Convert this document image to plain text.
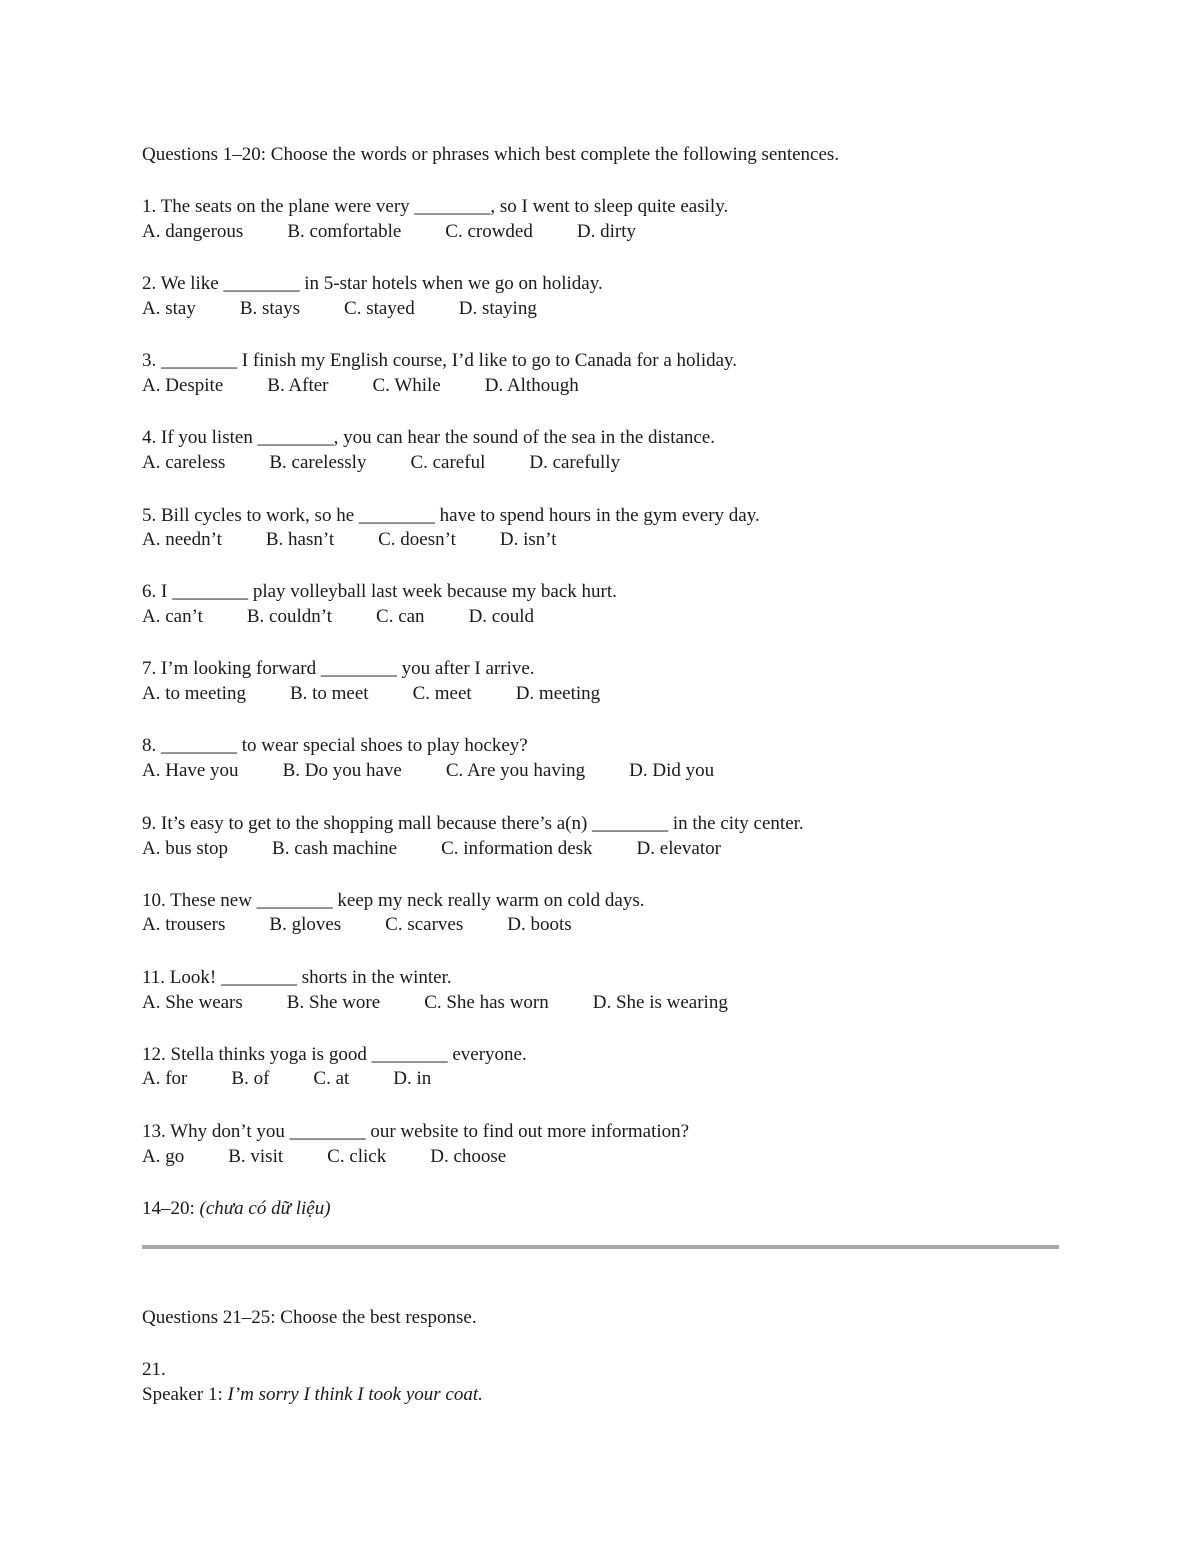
Questions 1–20: Choose the words or phrases which best complete the following sentences.
1. The seats on the plane were very ________, so I went to sleep quite easily.
A. dangerous B. comfortable C. crowded D. dirty
2. We like ________ in 5-star hotels when we go on holiday.
A. stay B. stays C. stayed D. staying
3. ________ I finish my English course, I’d like to go to Canada for a holiday.
A. Despite B. After C. While D. Although
4. If you listen ________, you can hear the sound of the sea in the distance.
A. careless B. carelessly C. careful D. carefully
5. Bill cycles to work, so he ________ have to spend hours in the gym every day.
A. needn’t B. hasn’t C. doesn’t D. isn’t
6. I ________ play volleyball last week because my back hurt.
A. can’t B. couldn’t C. can D. could
7. I’m looking forward ________ you after I arrive.
A. to meeting B. to meet C. meet D. meeting
8. ________ to wear special shoes to play hockey?
A. Have you B. Do you have C. Are you having D. Did you
9. It’s easy to get to the shopping mall because there’s a(n) ________ in the city center.
A. bus stop B. cash machine C. information desk D. elevator
10. These new ________ keep my neck really warm on cold days.
A. trousers B. gloves C. scarves D. boots
11. Look! ________ shorts in the winter.
A. She wears B. She wore C. She has worn D. She is wearing
12. Stella thinks yoga is good ________ everyone.
A. for B. of C. at D. in
13. Why don’t you ________ our website to find out more information?
A. go B. visit C. click D. choose
14–20: (chưa có dữ liệu)
Questions 21–25: Choose the best response.
21.
Speaker 1: I’m sorry I think I took your coat.
